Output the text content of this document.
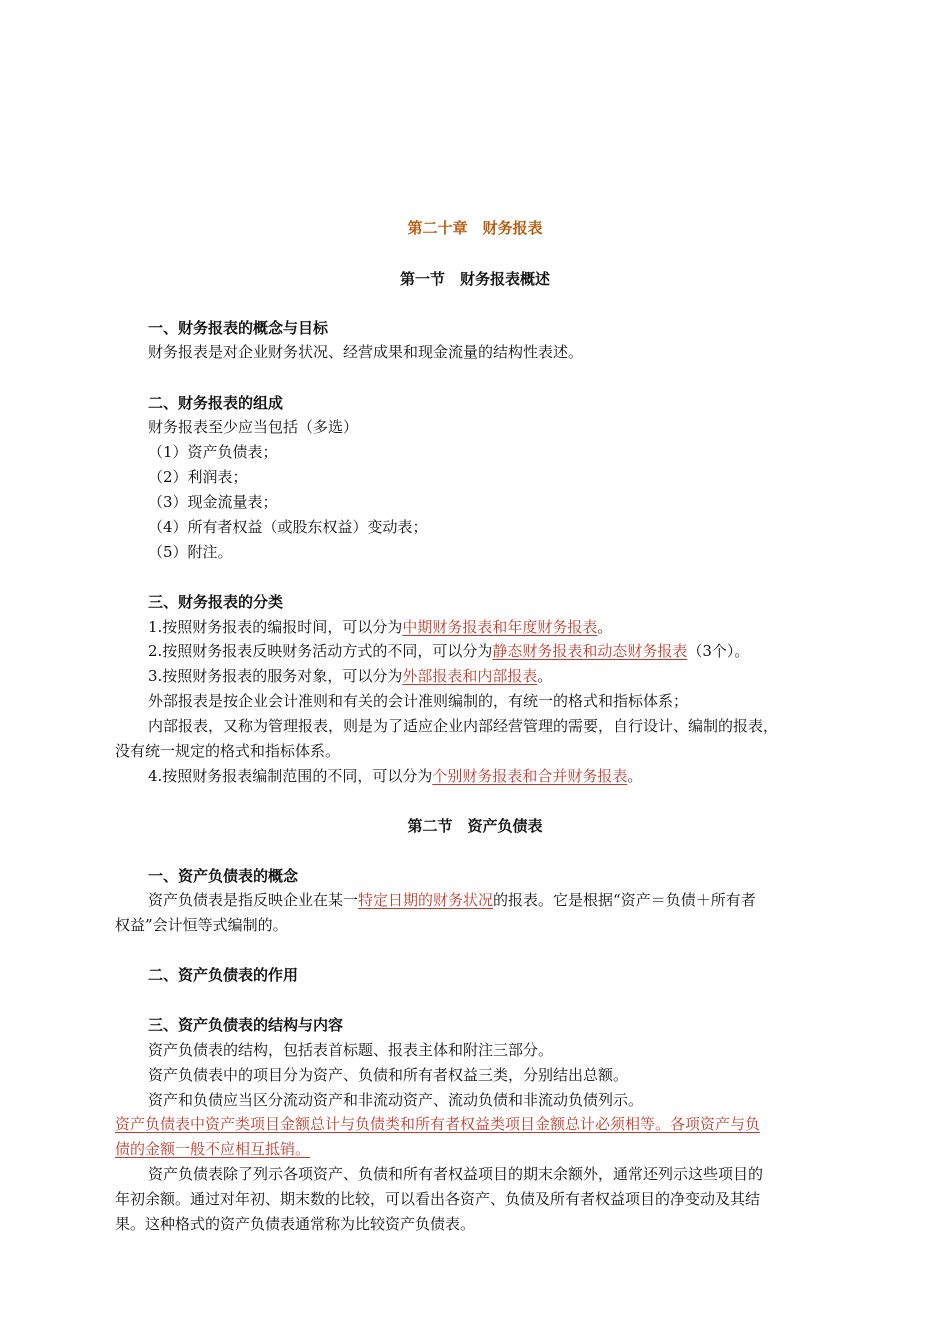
第二十章　财务报表
第一节　财务报表概述
一、财务报表的概念与目标
财务报表是对企业财务状况、经营成果和现金流量的结构性表述。
二、财务报表的组成
财务报表至少应当包括（多选）
（1）资产负债表；
（2）利润表；
（3）现金流量表；
（4）所有者权益（或股东权益）变动表；
（5）附注。
三、财务报表的分类
1.按照财务报表的编报时间，可以分为中期财务报表和年度财务报表。
2.按照财务报表反映财务活动方式的不同，可以分为静态财务报表和动态财务报表（3个）。
3.按照财务报表的服务对象，可以分为外部报表和内部报表。
外部报表是按企业会计准则和有关的会计准则编制的，有统一的格式和指标体系；
内部报表，又称为管理报表，则是为了适应企业内部经营管理的需要，自行设计、编制的报表，
没有统一规定的格式和指标体系。
4.按照财务报表编制范围的不同，可以分为个别财务报表和合并财务报表。
第二节　资产负债表
一、资产负债表的概念
资产负债表是指反映企业在某一特定日期的财务状况的报表。它是根据“资产＝负债＋所有者
权益”会计恒等式编制的。
二、资产负债表的作用
三、资产负债表的结构与内容
资产负债表的结构，包括表首标题、报表主体和附注三部分。
资产负债表中的项目分为资产、负债和所有者权益三类，分别结出总额。
资产和负债应当区分流动资产和非流动资产、流动负债和非流动负债列示。
资产负债表中资产类项目金额总计与负债类和所有者权益类项目金额总计必须相等。各项资产与负
债的金额一般不应相互抵销。
资产负债表除了列示各项资产、负债和所有者权益项目的期末余额外，通常还列示这些项目的
年初余额。通过对年初、期末数的比较，可以看出各资产、负债及所有者权益项目的净变动及其结
果。这种格式的资产负债表通常称为比较资产负债表。
